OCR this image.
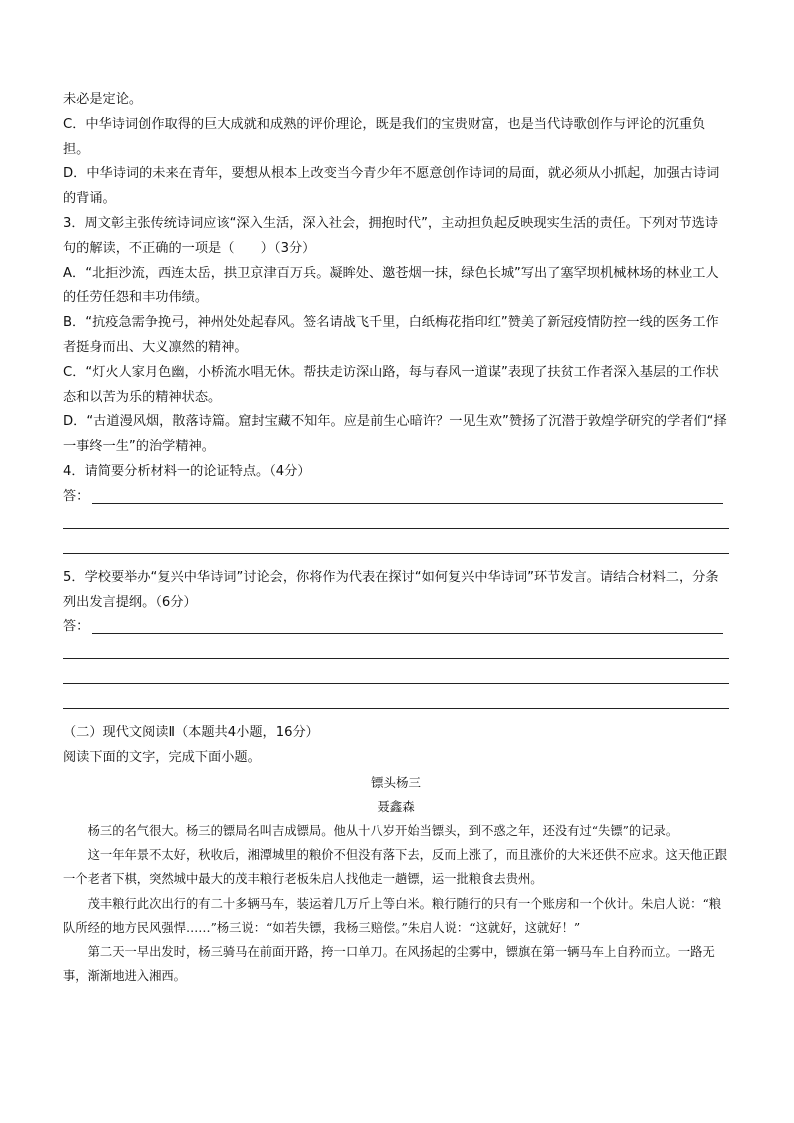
未必是定论。
C．中华诗词创作取得的巨大成就和成熟的评价理论，既是我们的宝贵财富，也是当代诗歌创作与评论的沉重负担。
D．中华诗词的未来在青年，要想从根本上改变当今青少年不愿意创作诗词的局面，就必须从小抓起，加强古诗词的背诵。
3．周文彰主张传统诗词应该“深入生活，深入社会，拥抱时代”，主动担负起反映现实生活的责任。下列对节选诗句的解读，不正确的一项是（　　）（3分）
A．“北拒沙流，西连太岳，拱卫京津百万兵。凝眸处、邀苍烟一抹，绿色长城”写出了塞罕坝机械林场的林业工人的任劳任怨和丰功伟绩。
B．“抗疫急需争挽弓，神州处处起春风。签名请战飞千里，白纸梅花指印红”赞美了新冠疫情防控一线的医务工作者挺身而出、大义凛然的精神。
C．“灯火人家月色幽，小桥流水唱无休。帮扶走访深山路，每与春风一道谋”表现了扶贫工作者深入基层的工作状态和以苦为乐的精神状态。
D．“古道漫风烟，散落诗篇。窟封宝藏不知年。应是前生心暗许？一见生欢”赞扬了沉潜于敦煌学研究的学者们“择一事终一生”的治学精神。
4．请简要分析材料一的论证特点。（4分）
答：
5．学校要举办“复兴中华诗词”讨论会，你将作为代表在探讨“如何复兴中华诗词”环节发言。请结合材料二，分条列出发言提纲。（6分）
答：
（二）现代文阅读Ⅱ（本题共4小题，16分）
阅读下面的文字，完成下面小题。
镖头杨三
聂鑫森
杨三的名气很大。杨三的镖局名叫吉成镖局。他从十八岁开始当镖头，到不惑之年，还没有过“失镖”的记录。
这一年年景不太好，秋收后，湘潭城里的粮价不但没有落下去，反而上涨了，而且涨价的大米还供不应求。这天他正跟一个老者下棋，突然城中最大的茂丰粮行老板朱启人找他走一趟镖，运一批粮食去贵州。
茂丰粮行此次出行的有二十多辆马车，装运着几万斤上等白米。粮行随行的只有一个账房和一个伙计。朱启人说：“粮队所经的地方民风强悍……”杨三说：“如若失镖，我杨三赔偿。”朱启人说：“这就好，这就好！”
第二天一早出发时，杨三骑马在前面开路，挎一口单刀。在风扬起的尘雾中，镖旗在第一辆马车上自矜而立。一路无事，渐渐地进入湘西。
